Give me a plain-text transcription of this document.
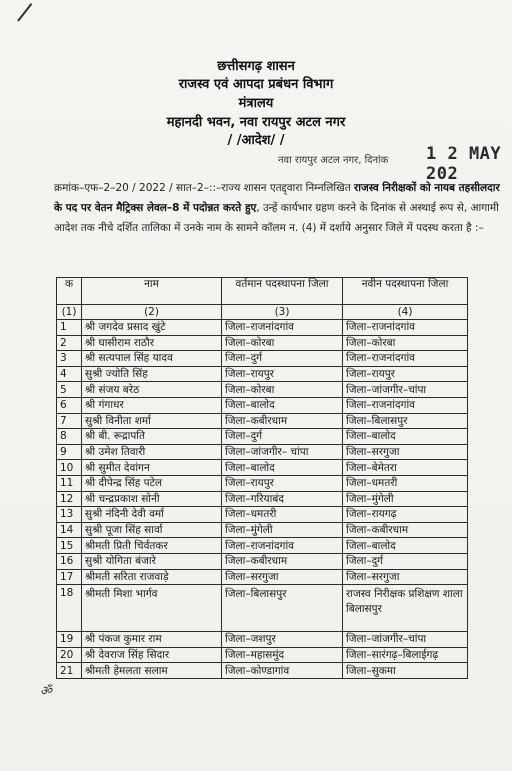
छत्तीसगढ़ शासन
राजस्व एवं आपदा प्रबंधन विभाग
मंत्रालय
महानदी भवन, नवा रायपुर अटल नगर
/ /आदेश/ /
नवा रायपुर अटल नगर, दिनांक 1 2 MAY 202
क्रमांक–एफ–2–20 / 2022 / सात–2–::–राज्य शासन एतद्द्वारा निम्नलिखित राजस्व निरीक्षकों को नायब तहसीलदार के पद पर वेतन मैट्रिक्स लेवल–8 में पदोन्नत करते हुए, उन्हें कार्यभार ग्रहण करने के दिनांक से अस्थाई रूप से, आगामी आदेश तक नीचे दर्शित तालिका में उनके नाम के सामने कॉलम न. (4) में दर्शाये अनुसार जिले में पदस्थ करता है :–
क	नाम	वर्तमान पदस्थापना जिला	नवीन पदस्थापना जिला
(1)	(2)	(3)	(4)
1	श्री जगदेव प्रसाद खुंटे	जिला–राजनांदगांव	जिला–राजनांदगांव
2	श्री घासीराम राठौर	जिला–कोरबा	जिला–कोरबा
3	श्री सत्यपाल सिंह यादव	जिला–दुर्ग	जिला–राजनांदगांव
4	सुश्री ज्योति सिंह	जिला–रायपुर	जिला–रायपुर
5	श्री संजय बरेठ	जिला–कोरबा	जिला–जांजगीर–चांपा
6	श्री गंगाधर	जिला–बालोद	जिला–राजनांदगांव
7	सुश्री विनीता शर्मा	जिला–कबीरधाम	जिला–बिलासपुर
8	श्री बी. रूद्रापति	जिला–दुर्ग	जिला–बालोद
9	श्री उमेश तिवारी	जिला–जांजगीर– चांपा	जिला–सरगुजा
10	श्री सुमीत देवांगन	जिला–बालोद	जिला–बेमेतरा
11	श्री दीपेन्द्र सिंह पटेल	जिला–रायपुर	जिला–धमतरी
12	श्री चन्द्रप्रकाश सोनी	जिला–गरियाबंद	जिला–मुंगेली
13	सुश्री नंदिनी देवी वर्मा	जिला–धमतरी	जिला–रायगढ़
14	सुश्री पूजा सिंह सार्वा	जिला–मुंगेली	जिला–कबीरधाम
15	श्रीमती प्रिती चिर्वतकर	जिला–राजनांदगांव	जिला–बालोद
16	सुश्री योगिता बंजारे	जिला–कबीरधाम	जिला–दुर्ग
17	श्रीमती सरिता राजवाड़े	जिला–सरगुजा	जिला–सरगुजा
18	श्रीमती मिशा भार्गव	जिला–बिलासपुर	राजस्व निरीक्षक प्रशिक्षण शाला बिलासपुर
19	श्री पंकज कुमार राम	जिला–जशपुर	जिला–जांजगीर–चांपा
20	श्री देवराज सिंह सिदार	जिला–महासमुंद	जिला–सारंगढ़–बिलाईगढ़
21	श्रीमती हेमलता सलाम	जिला–कोण्डागांव	जिला–सुकमा
ॐ‍
